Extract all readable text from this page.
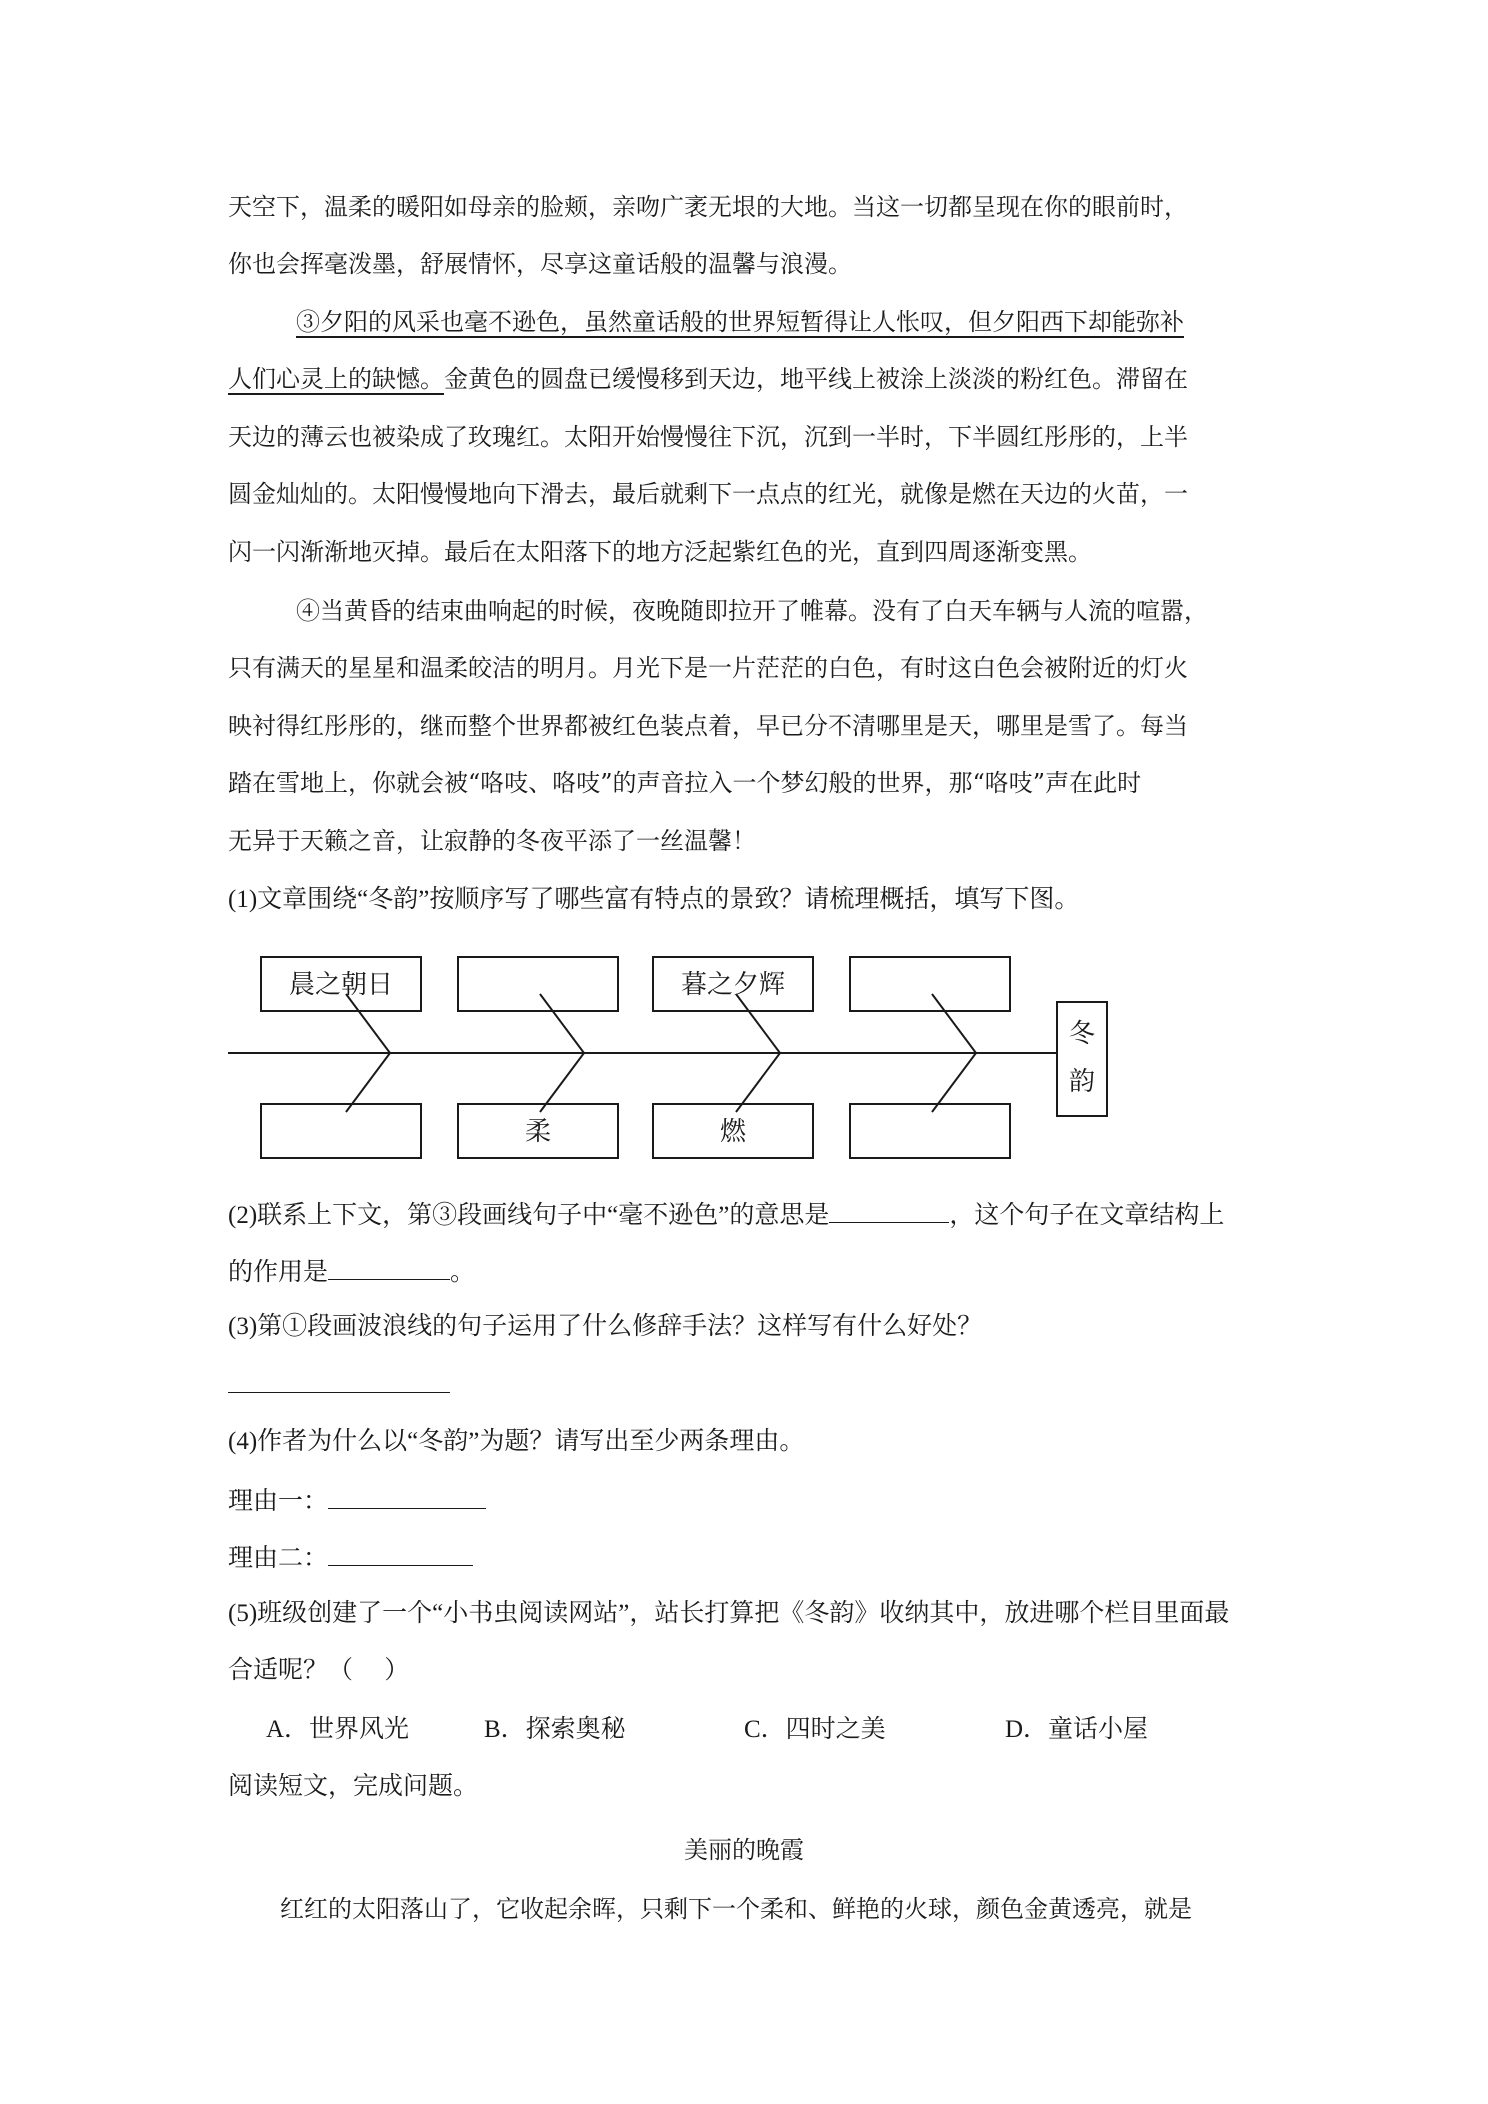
天空下，温柔的暖阳如母亲的脸颊，亲吻广袤无垠的大地。当这一切都呈现在你的眼前时，
你也会挥毫泼墨，舒展情怀，尽享这童话般的温馨与浪漫。
③夕阳的风采也毫不逊色，虽然童话般的世界短暂得让人怅叹，但夕阳西下却能弥补
人们心灵上的缺憾。金黄色的圆盘已缓慢移到天边，地平线上被涂上淡淡的粉红色。滞留在
天边的薄云也被染成了玫瑰红。太阳开始慢慢往下沉，沉到一半时，下半圆红彤彤的，上半
圆金灿灿的。太阳慢慢地向下滑去，最后就剩下一点点的红光，就像是燃在天边的火苗，一
闪一闪渐渐地灭掉。最后在太阳落下的地方泛起紫红色的光，直到四周逐渐变黑。
④当黄昏的结束曲响起的时候，夜晚随即拉开了帷幕。没有了白天车辆与人流的喧嚣，
只有满天的星星和温柔皎洁的明月。月光下是一片茫茫的白色，有时这白色会被附近的灯火
映衬得红彤彤的，继而整个世界都被红色装点着，早已分不清哪里是天，哪里是雪了。每当
踏在雪地上，你就会被“咯吱、咯吱”的声音拉入一个梦幻般的世界，那“咯吱”声在此时
无异于天籁之音，让寂静的冬夜平添了一丝温馨！
(1)文章围绕“冬韵”按顺序写了哪些富有特点的景致？请梳理概括，填写下图。
晨之朝日	暮之夕辉
柔	燃
冬
韵
(2)联系上下文，第③段画线句子中“毫不逊色”的意思是	，这个句子在文章结构上
的作用是	。
(3)第①段画波浪线的句子运用了什么修辞手法？这样写有什么好处？
(4)作者为什么以“冬韵”为题？请写出至少两条理由。
理由一：
理由二：
(5)班级创建了一个“小书虫阅读网站”，站长打算把《冬韵》收纳其中，放进哪个栏目里面最
合适呢？（　 ）
A．世界风光	B．探索奥秘	C．四时之美	D．童话小屋
阅读短文，完成问题。
美丽的晚霞
红红的太阳落山了，它收起余晖，只剩下一个柔和、鲜艳的火球，颜色金黄透亮，就是
